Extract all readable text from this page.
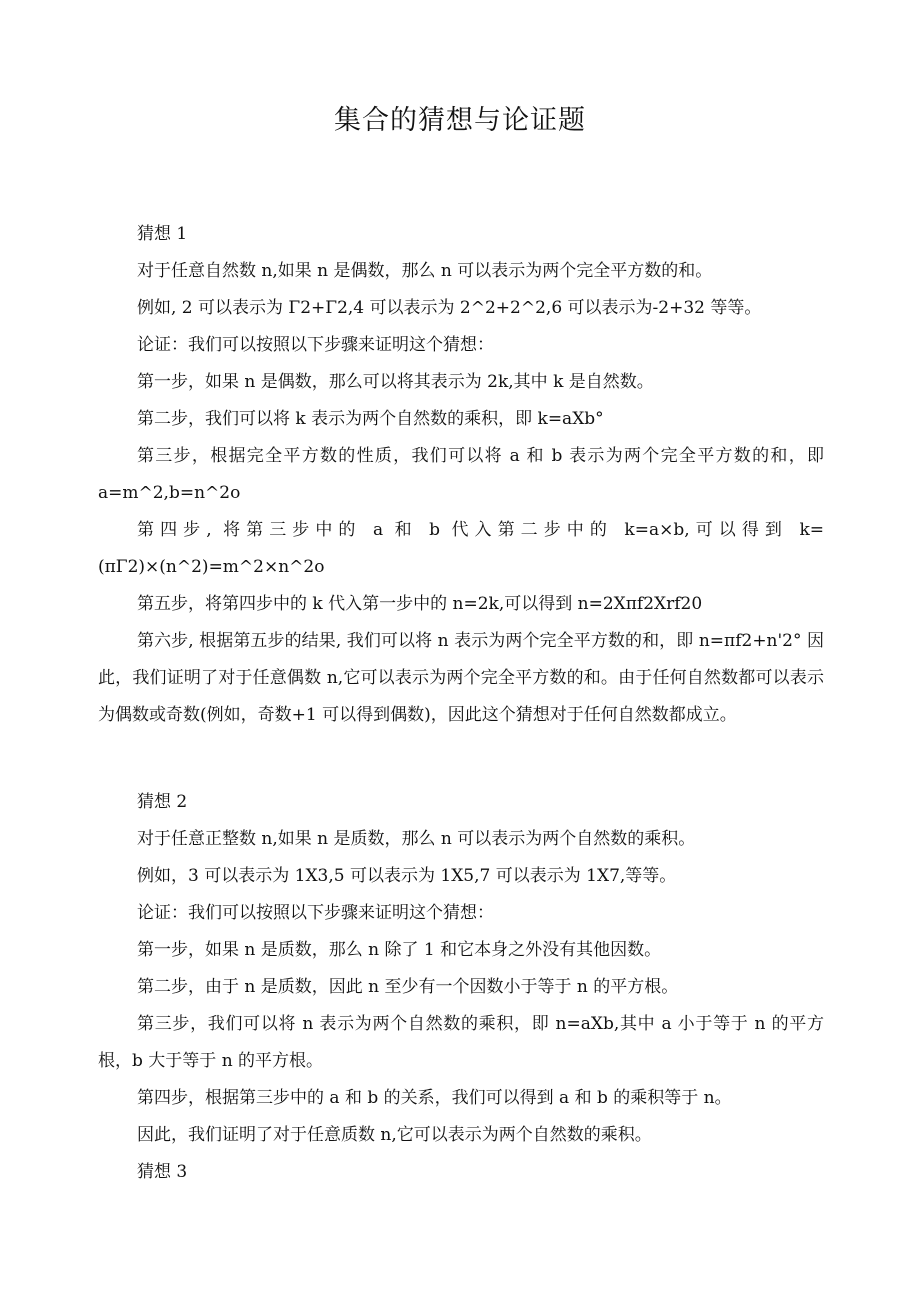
集合的猜想与论证题

猜想 1

对于任意自然数 n,如果 n 是偶数，那么 n 可以表示为两个完全平方数的和。

例如, 2 可以表示为 Γ2+Γ2,4 可以表示为 2^2+2^2,6 可以表示为-2+32 等等。

论证：我们可以按照以下步骤来证明这个猜想：

第一步，如果 n 是偶数，那么可以将其表示为 2k,其中 k 是自然数。

第二步，我们可以将 k 表示为两个自然数的乘积，即 k=aXb°

第三步，根据完全平方数的性质，我们可以将 a 和 b 表示为两个完全平方数的和，即 a=m^2,b=n^2o

第四步, 将第三步中的 a 和 b 代入第二步中的 k=a×b,可以得到 k=(πΓ2)×(n^2)=m^2×n^2o

第五步，将第四步中的 k 代入第一步中的 n=2k,可以得到 n=2Xπf2Xrf20

第六步, 根据第五步的结果, 我们可以将 n 表示为两个完全平方数的和，即 n=πf2+n'2° 因此，我们证明了对于任意偶数 n,它可以表示为两个完全平方数的和。由于任何自然数都可以表示为偶数或奇数(例如，奇数+1 可以得到偶数)，因此这个猜想对于任何自然数都成立。

猜想 2

对于任意正整数 n,如果 n 是质数，那么 n 可以表示为两个自然数的乘积。

例如，3 可以表示为 1X3,5 可以表示为 1X5,7 可以表示为 1X7,等等。

论证：我们可以按照以下步骤来证明这个猜想：

第一步，如果 n 是质数，那么 n 除了 1 和它本身之外没有其他因数。

第二步，由于 n 是质数，因此 n 至少有一个因数小于等于 n 的平方根。

第三步，我们可以将 n 表示为两个自然数的乘积，即 n=aXb,其中 a 小于等于 n 的平方根，b 大于等于 n 的平方根。

第四步，根据第三步中的 a 和 b 的关系，我们可以得到 a 和 b 的乘积等于 n。

因此，我们证明了对于任意质数 n,它可以表示为两个自然数的乘积。

猜想 3
